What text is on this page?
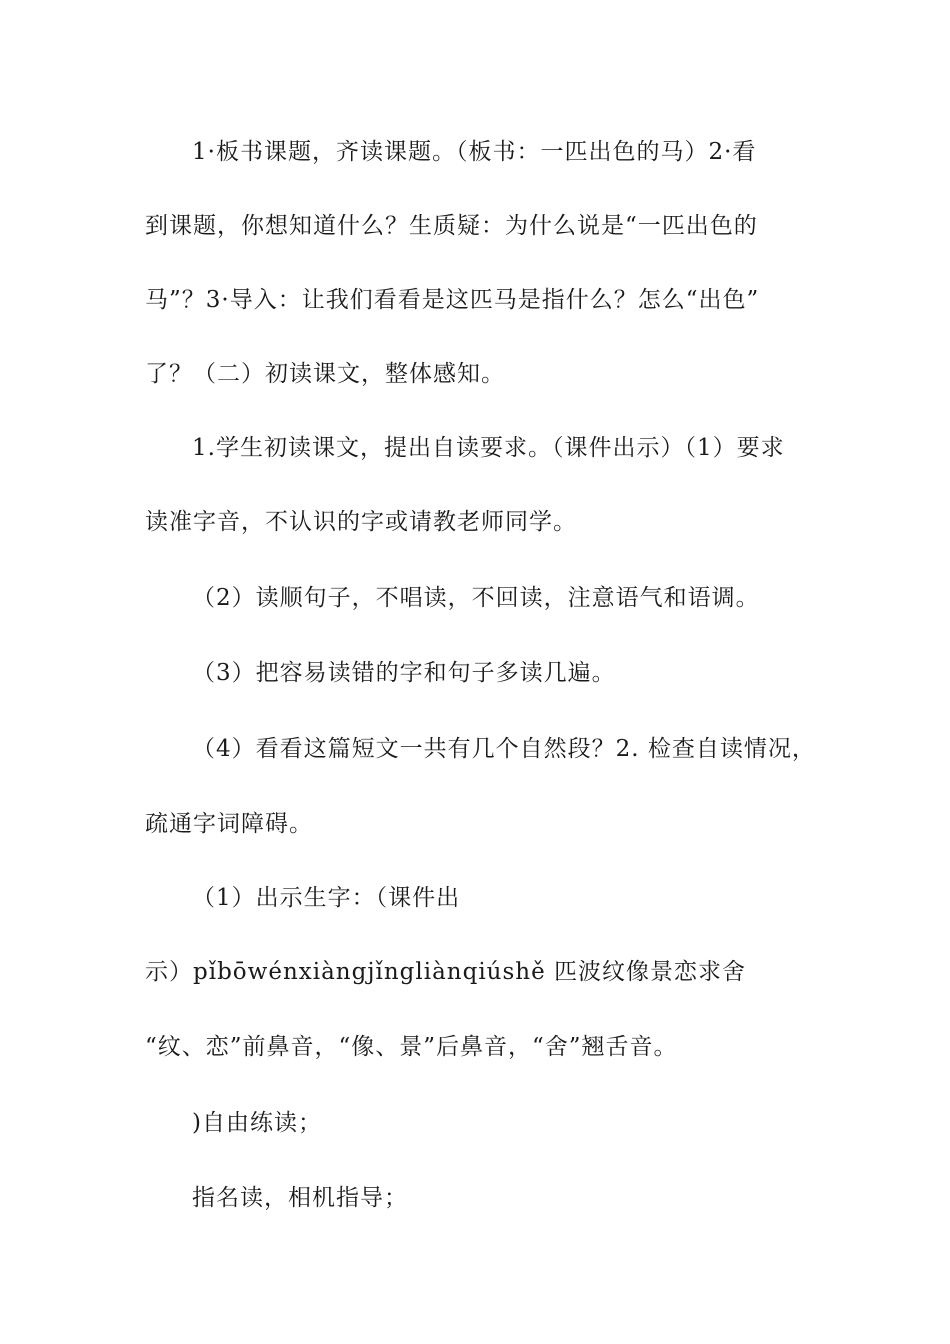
1·板书课题，齐读课题。（板书：一匹出色的马）2·看
到课题，你想知道什么？生质疑：为什么说是“一匹出色的
马”？3·导入：让我们看看是这匹马是指什么？怎么“出色”
了？（二）初读课文，整体感知。
1.学生初读课文，提出自读要求。（课件出示）（1）要求
读准字音，不认识的字或请教老师同学。
（2）读顺句子，不唱读，不回读，注意语气和语调。
（3）把容易读错的字和句子多读几遍。
（4）看看这篇短文一共有几个自然段？2. 检查自读情况，
疏通字词障碍。
（1）出示生字：（课件出
示）pǐbōwénxiàngjǐngliànqiúshě 匹波纹像景恋求舍
“纹、恋”前鼻音，“像、景”后鼻音，“舍”翘舌音。
)自由练读；
指名读，相机指导；
